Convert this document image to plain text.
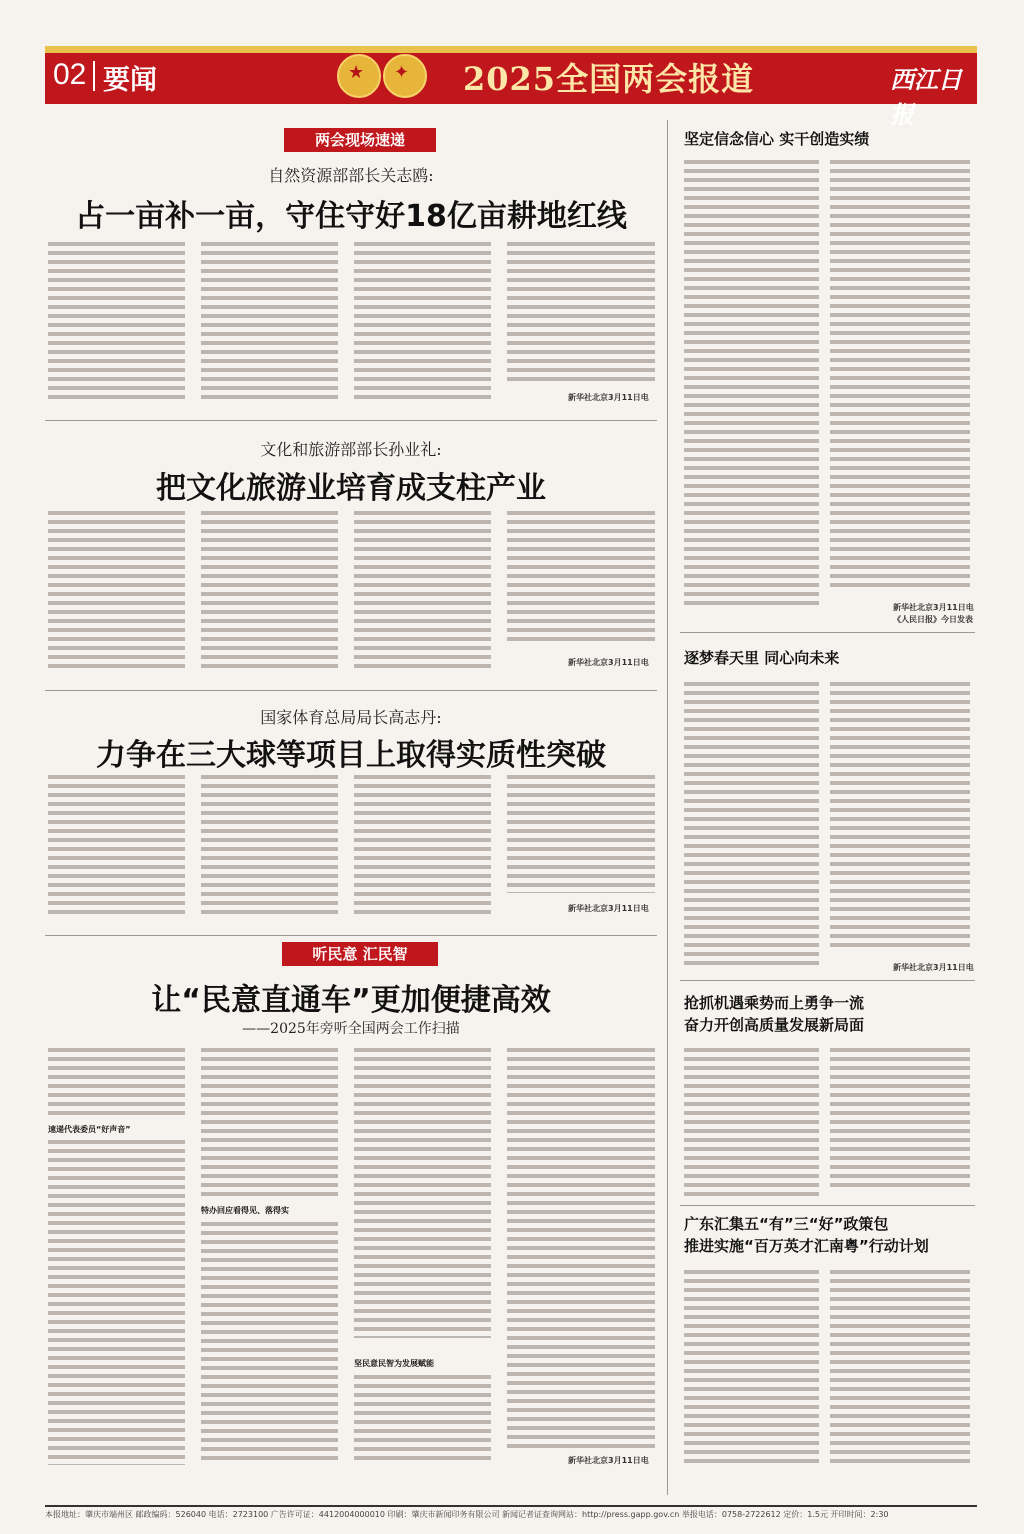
02 要闻	★ ✦ 2025全国两会报道	西江日报
两会现场速递
自然资源部部长关志鸥:
占一亩补一亩，守住守好18亿亩耕地红线
新华社北京3月11日电
文化和旅游部部长孙业礼:
把文化旅游业培育成支柱产业
新华社北京3月11日电
国家体育总局局长高志丹:
力争在三大球等项目上取得实质性突破
新华社北京3月11日电
听民意 汇民智
让“民意直通车”更加便捷高效
——2025年旁听全国两会工作扫描
速递代表委员“好声音”
特办回应看得见、落得实
坚民意民智为发展赋能
新华社北京3月11日电
坚定信念信心 实干创造实绩
新华社北京3月11日电
《人民日报》今日发表
逐梦春天里 同心向未来
新华社北京3月11日电
抢抓机遇乘势而上勇争一流
奋力开创高质量发展新局面
广东汇集五“有”三“好”政策包
推进实施“百万英才汇南粤”行动计划
本报地址：肇庆市端州区 邮政编码：526040 电话：2723100 广告许可证：4412004000010 印刷：肇庆市新闻印务有限公司 新闻记者证查询网站：http://press.gapp.gov.cn 举报电话：0758-2722612 定价：1.5元 开印时间：2:30
